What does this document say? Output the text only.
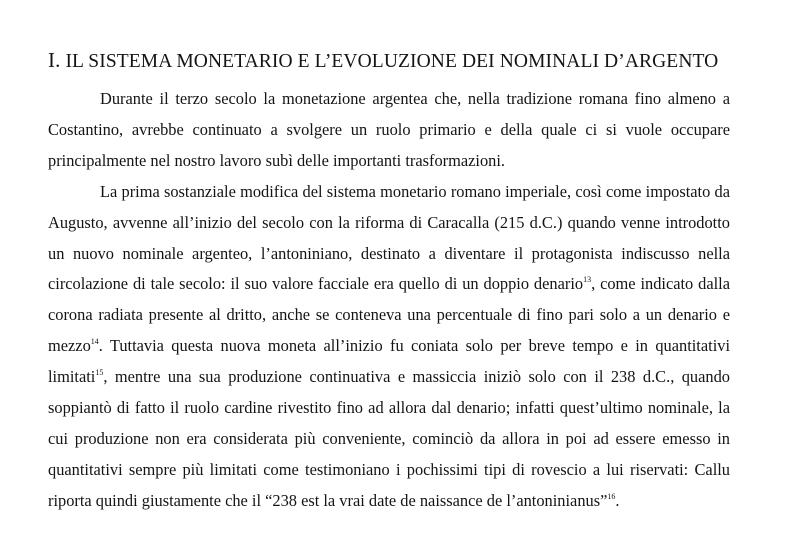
I. IL SISTEMA MONETARIO E L’EVOLUZIONE DEI NOMINALI D’ARGENTO

Durante il terzo secolo la monetazione argentea che, nella tradizione romana fino almeno a Costantino, avrebbe continuato a svolgere un ruolo primario e della quale ci si vuole occupare principalmente nel nostro lavoro subì delle importanti trasformazioni.

La prima sostanziale modifica del sistema monetario romano imperiale, così come impostato da Augusto, avvenne all’inizio del secolo con la riforma di Caracalla (215 d.C.) quando venne introdotto un nuovo nominale argenteo, l’antoniniano, destinato a diventare il protagonista indiscusso nella circolazione di tale secolo: il suo valore facciale era quello di un doppio denario$^{13}$, come indicato dalla corona radiata presente al dritto, anche se conteneva una percentuale di fino pari solo a un denario e mezzo$^{14}$. Tuttavia questa nuova moneta all’inizio fu coniata solo per breve tempo e in quantitativi limitati$^{15}$, mentre una sua produzione continuativa e massiccia iniziò solo con il 238 d.C., quando soppiantò di fatto il ruolo cardine rivestito fino ad allora dal denario; infatti quest’ultimo nominale, la cui produzione non era considerata più conveniente, cominciò da allora in poi ad essere emesso in quantitativi sempre più limitati come testimoniano i pochissimi tipi di rovescio a lui riservati: Callu riporta quindi giustamente che il “238 est la vrai date de naissance de l’antoninianus”$^{16}$.
